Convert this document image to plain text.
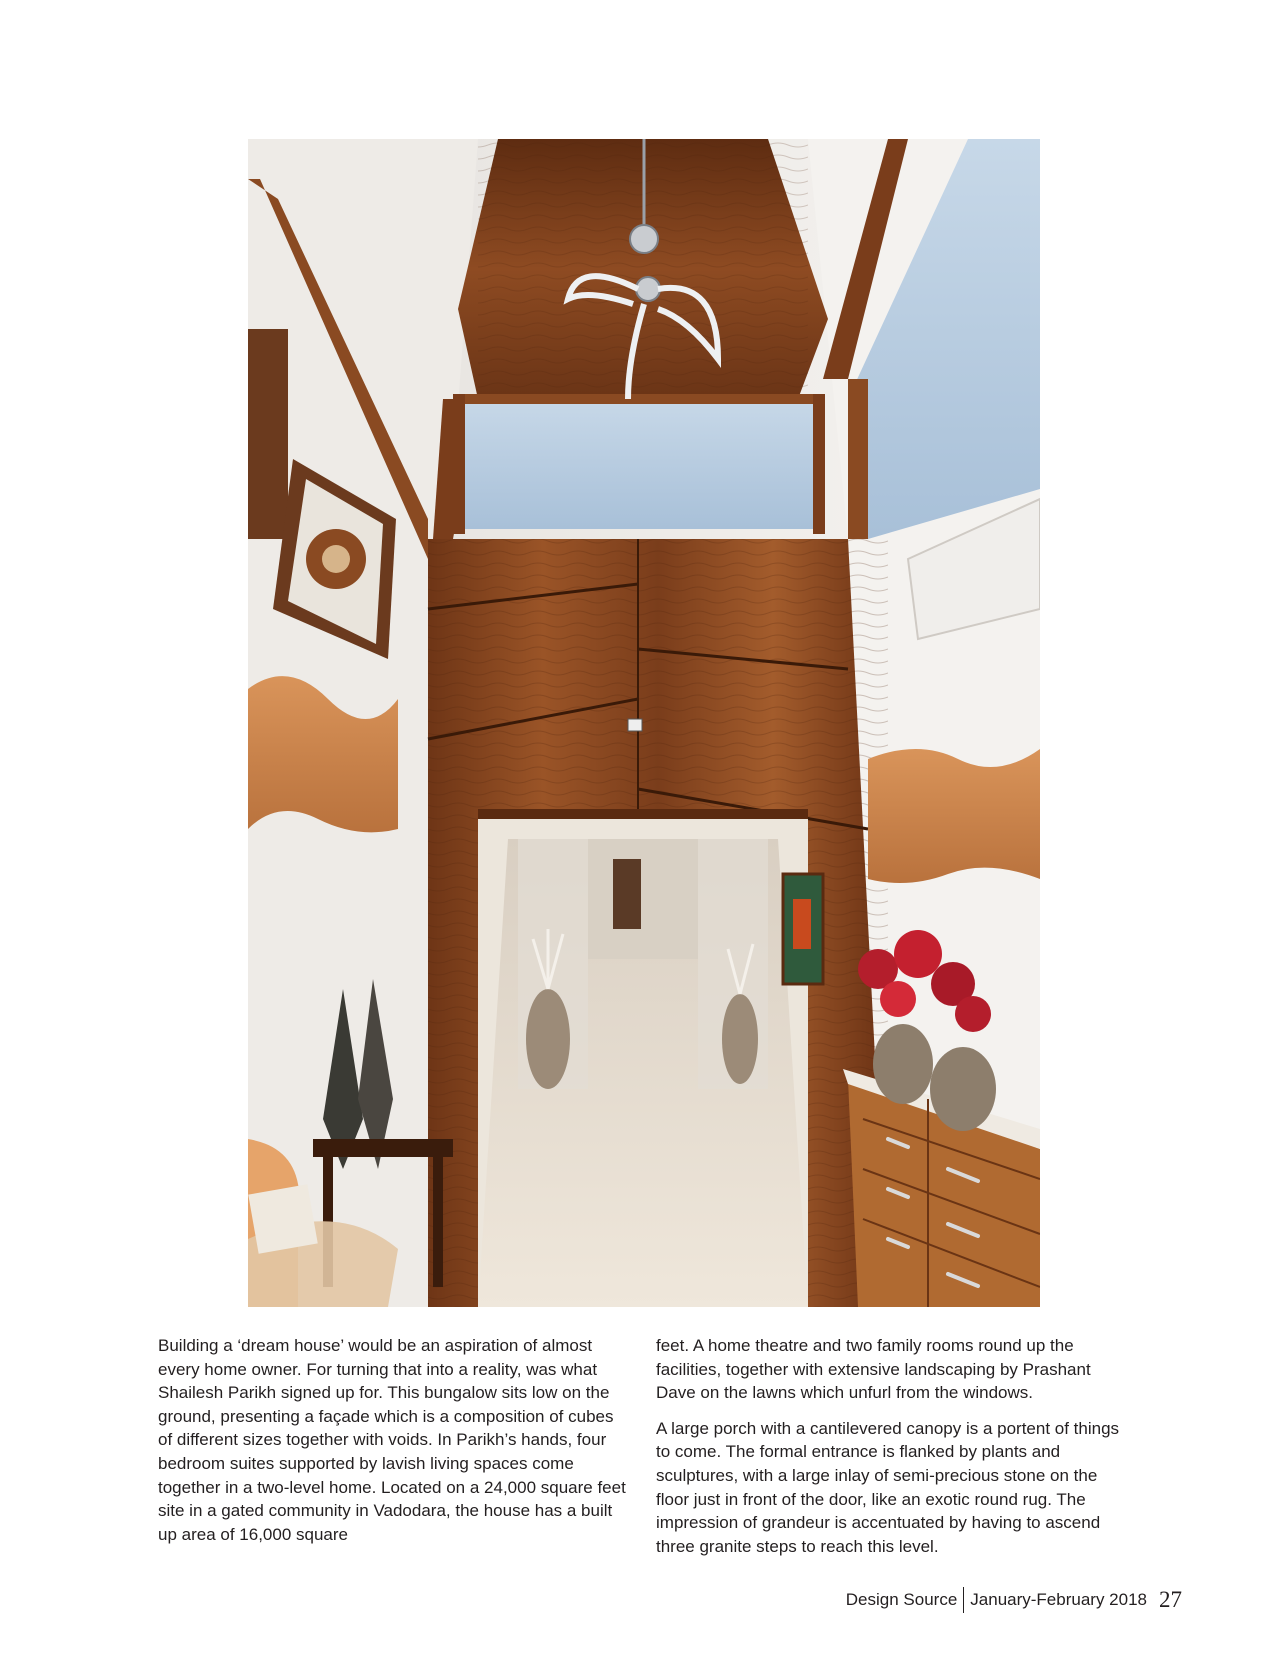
Building a ‘dream house’ would be an aspiration of almost every home owner. For turning that into a reality, was what Shailesh Parikh signed up for. This bungalow sits low on the ground, presenting a façade which is a composition of cubes of different sizes together with voids. In Parikh’s hands, four bedroom suites supported by lavish living spaces come together in a two-level home. Located on a 24,000 square feet site in a gated community in Vadodara, the house has a built up area of 16,000 square

feet. A home theatre and two family rooms round up the facilities, together with extensive landscaping by Prashant Dave on the lawns which unfurl from the windows.

A large porch with a cantilevered canopy is a portent of things to come. The formal entrance is flanked by plants and sculptures, with a large inlay of semi-precious stone on the floor just in front of the door, like an exotic round rug. The impression of grandeur is accentuated by having to ascend three granite steps to reach this level.

Design Source January-February 2018 27
